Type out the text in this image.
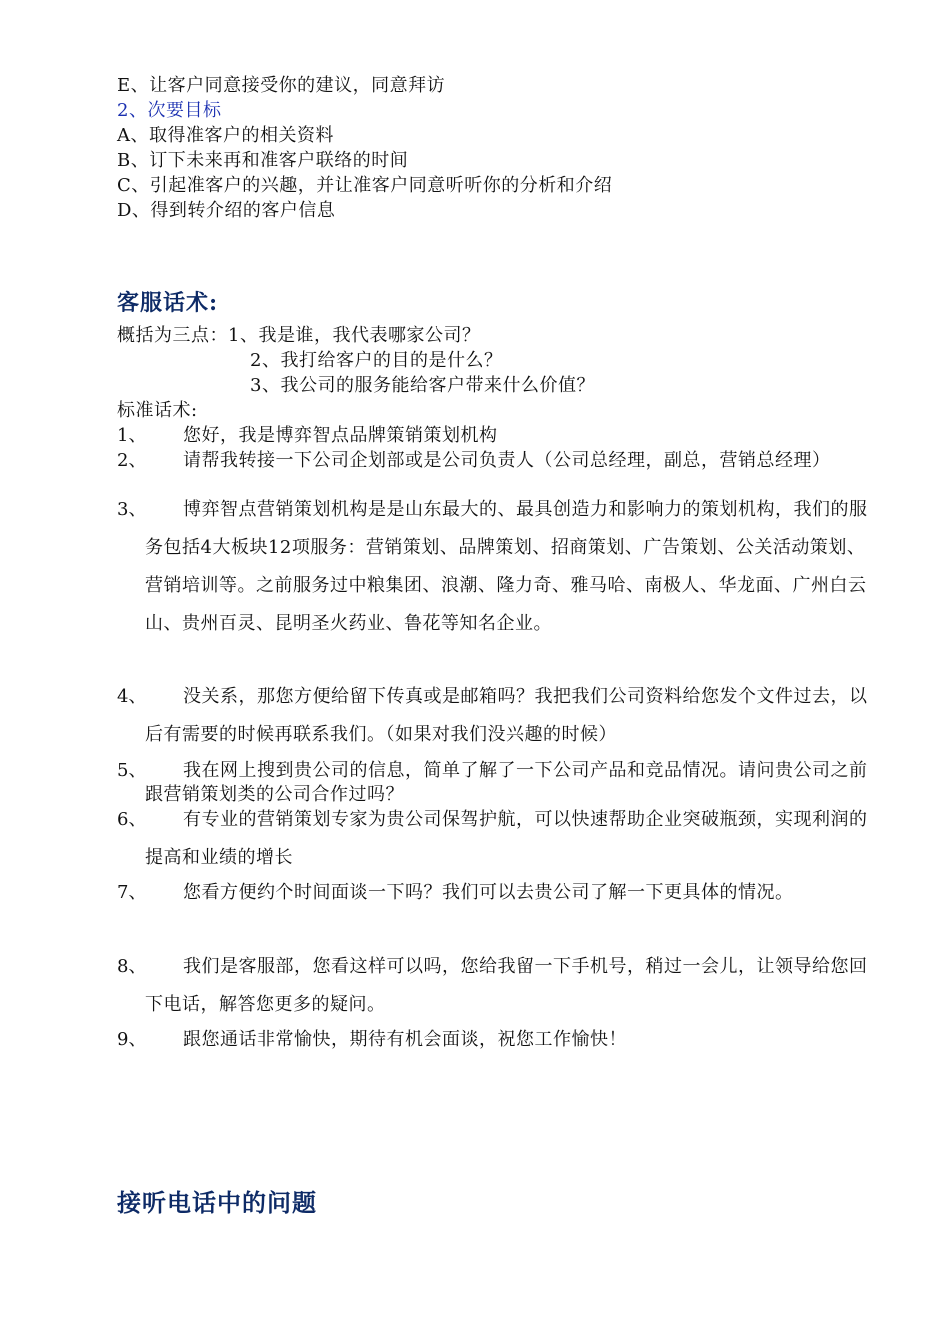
E、让客户同意接受你的建议，同意拜访
2、次要目标
A、取得准客户的相关资料
B、订下未来再和准客户联络的时间
C、引起准客户的兴趣，并让准客户同意听听你的分析和介绍
D、得到转介绍的客户信息
客服话术:
概括为三点：1、我是谁，我代表哪家公司？
2、我打给客户的目的是什么？
3、我公司的服务能给客户带来什么价值？
标准话术:
1、	您好，我是博弈智点品牌策销策划机构
2、	请帮我转接一下公司企划部或是公司负责人（公司总经理，副总，营销总经理）
3、	博弈智点营销策划机构是是山东最大的、最具创造力和影响力的策划机构，我们的服务包括4大板块12项服务：营销策划、品牌策划、招商策划、广告策划、公关活动策划、营销培训等。之前服务过中粮集团、浪潮、隆力奇、雅马哈、南极人、华龙面、广州白云山、贵州百灵、昆明圣火药业、鲁花等知名企业。
4、	没关系，那您方便给留下传真或是邮箱吗？我把我们公司资料给您发个文件过去，以后有需要的时候再联系我们。（如果对我们没兴趣的时候）
5、	我在网上搜到贵公司的信息，简单了解了一下公司产品和竞品情况。请问贵公司之前跟营销策划类的公司合作过吗？
6、	有专业的营销策划专家为贵公司保驾护航，可以快速帮助企业突破瓶颈，实现利润的提高和业绩的增长
7、	您看方便约个时间面谈一下吗？我们可以去贵公司了解一下更具体的情况。
8、	我们是客服部，您看这样可以吗，您给我留一下手机号，稍过一会儿，让领导给您回下电话，解答您更多的疑问。
9、	跟您通话非常愉快，期待有机会面谈，祝您工作愉快！
接听电话中的问题
